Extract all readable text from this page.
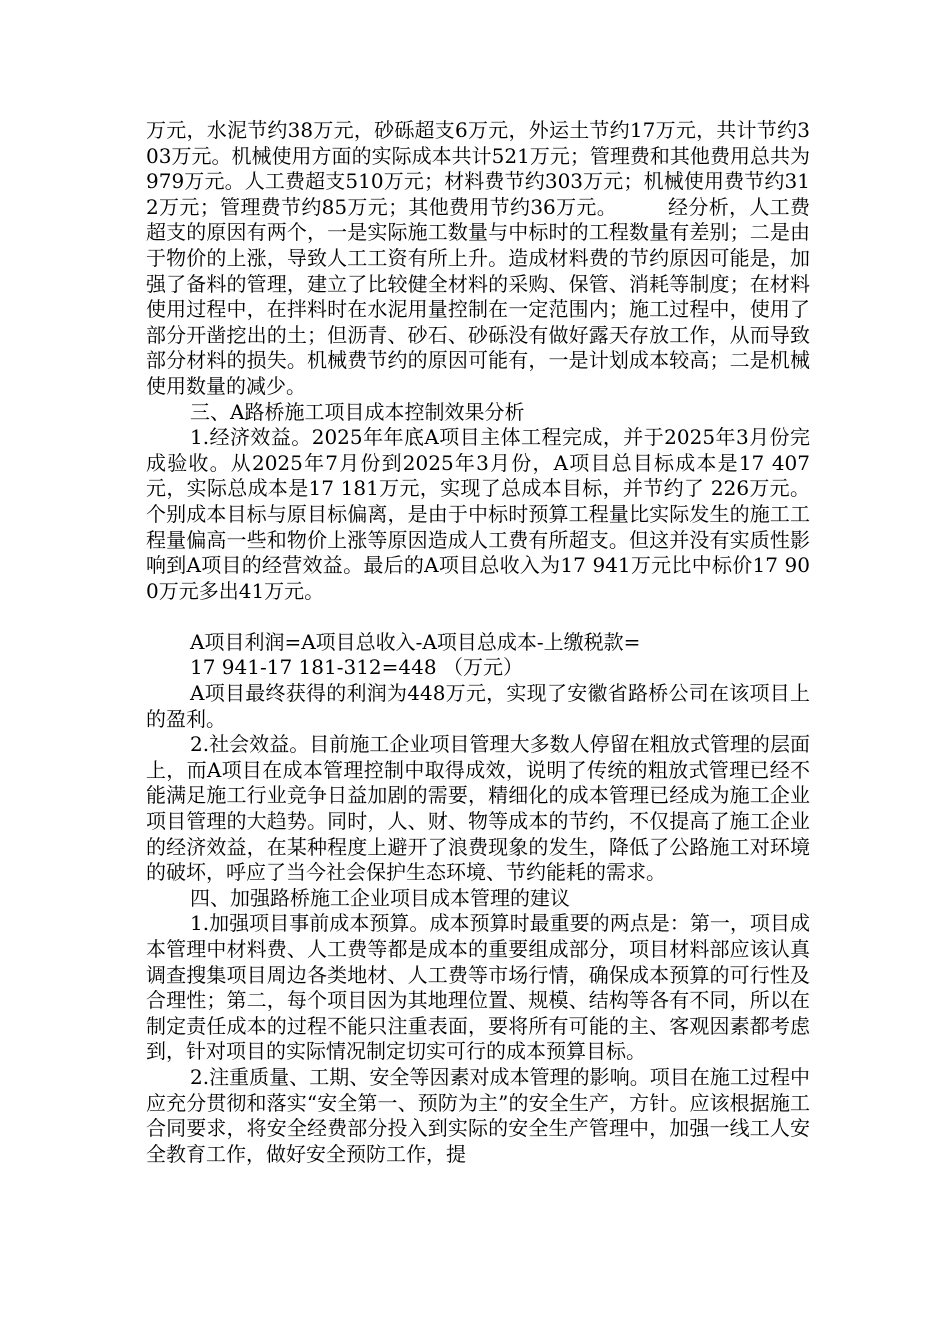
万元，水泥节约38万元，砂砾超支6万元，外运土节约17万元，共计节约303万元。机械使用方面的实际成本共计521万元；管理费和其他费用总共为979万元。人工费超支510万元；材料费节约303万元；机械使用费节约312万元；管理费节约85万元；其他费用节约36万元。　　　经分析，人工费超支的原因有两个，一是实际施工数量与中标时的工程数量有差别；二是由于物价的上涨，导致人工工资有所上升。造成材料费的节约原因可能是，加强了备料的管理，建立了比较健全材料的采购、保管、消耗等制度；在材料使用过程中，在拌料时在水泥用量控制在一定范围内；施工过程中，使用了部分开凿挖出的土；但沥青、砂石、砂砾没有做好露天存放工作，从而导致部分材料的损失。机械费节约的原因可能有，一是计划成本较高；二是机械使用数量的减少。

三、A路桥施工项目成本控制效果分析

1.经济效益。2025年年底A项目主体工程完成，并于2025年3月份完成验收。从2025年7月份到2025年3月份，A项目总目标成本是17 407元，实际总成本是17 181万元，实现了总成本目标，并节约了 226万元。个别成本目标与原目标偏离，是由于中标时预算工程量比实际发生的施工工程量偏高一些和物价上涨等原因造成人工费有所超支。但这并没有实质性影响到A项目的经营效益。最后的A项目总收入为17 941万元比中标价17 900万元多出41万元。

A项目利润=A项目总收入-A项目总成本-上缴税款=

17 941-17 181-312=448 （万元）

A项目最终获得的利润为448万元，实现了安徽省路桥公司在该项目上的盈利。

2.社会效益。目前施工企业项目管理大多数人停留在粗放式管理的层面上，而A项目在成本管理控制中取得成效，说明了传统的粗放式管理已经不能满足施工行业竞争日益加剧的需要，精细化的成本管理已经成为施工企业项目管理的大趋势。同时，人、财、物等成本的节约，不仅提高了施工企业的经济效益，在某种程度上避开了浪费现象的发生，降低了公路施工对环境的破坏，呼应了当今社会保护生态环境、节约能耗的需求。

四、加强路桥施工企业项目成本管理的建议

1.加强项目事前成本预算。成本预算时最重要的两点是：第一，项目成本管理中材料费、人工费等都是成本的重要组成部分，项目材料部应该认真调查搜集项目周边各类地材、人工费等市场行情，确保成本预算的可行性及合理性；第二，每个项目因为其地理位置、规模、结构等各有不同，所以在制定责任成本的过程不能只注重表面，要将所有可能的主、客观因素都考虑到，针对项目的实际情况制定切实可行的成本预算目标。

2.注重质量、工期、安全等因素对成本管理的影响。项目在施工过程中应充分贯彻和落实“安全第一、预防为主”的安全生产，方针。应该根据施工合同要求，将安全经费部分投入到实际的安全生产管理中，加强一线工人安全教育工作，做好安全预防工作，提
